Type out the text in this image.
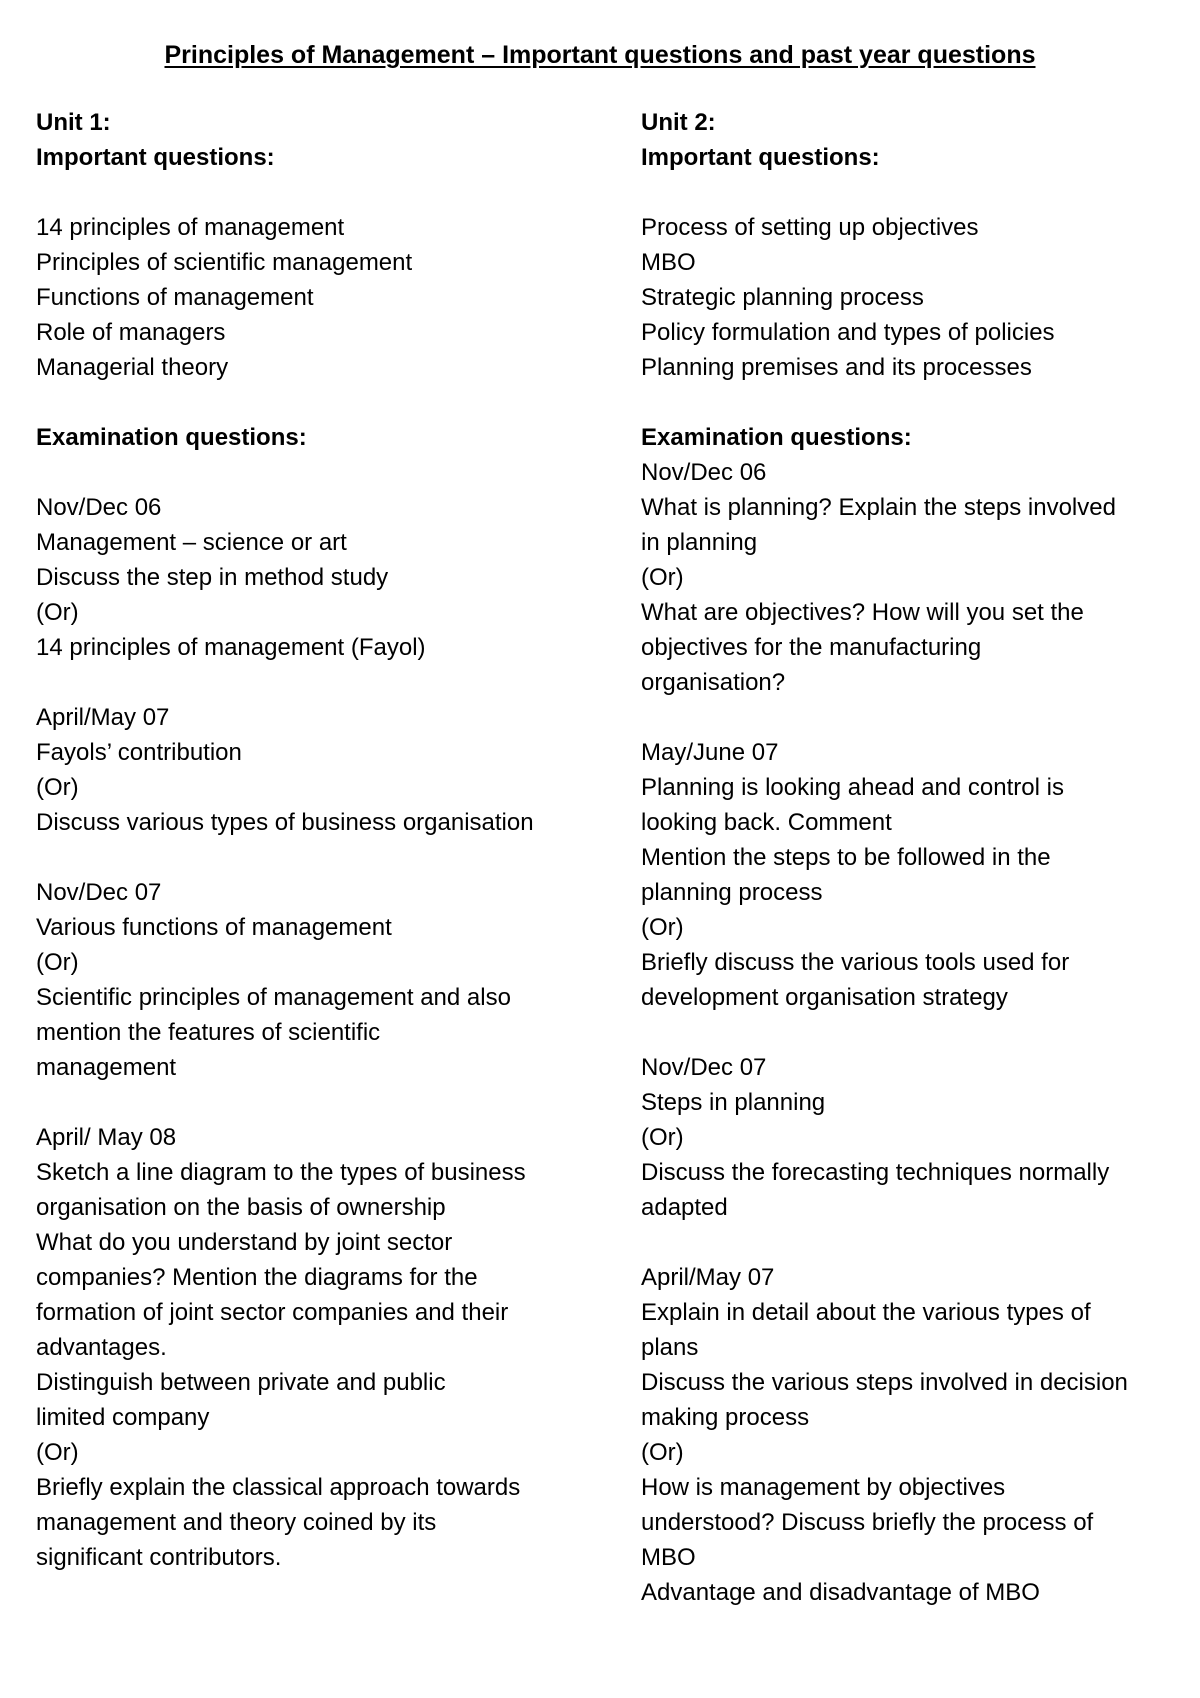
Principles of Management – Important questions and past year questions
Unit 1:
Important questions:
14 principles of management
Principles of scientific management
Functions of management
Role of managers
Managerial theory
Examination questions:
Nov/Dec 06
Management – science or art
Discuss the step in method study
(Or)
14 principles of management (Fayol)
April/May 07
Fayols’ contribution
(Or)
Discuss various types of business organisation
Nov/Dec 07
Various functions of management
(Or)
Scientific principles of management and also
mention the features of scientific
management
April/ May 08
Sketch a line diagram to the types of business
organisation on the basis of ownership
What do you understand by joint sector
companies? Mention the diagrams for the
formation of joint sector companies and their
advantages.
Distinguish between private and public
limited company
(Or)
Briefly explain the classical approach towards
management and theory coined by its
significant contributors.
Unit 2:
Important questions:
Process of setting up objectives
MBO
Strategic planning process
Policy formulation and types of policies
Planning premises and its processes
Examination questions:
Nov/Dec 06
What is planning? Explain the steps involved
in planning
(Or)
What are objectives? How will you set the
objectives for the manufacturing
organisation?
May/June 07
Planning is looking ahead and control is
looking back. Comment
Mention the steps to be followed in the
planning process
(Or)
Briefly discuss the various tools used for
development organisation strategy
Nov/Dec 07
Steps in planning
(Or)
Discuss the forecasting techniques normally
adapted
April/May 07
Explain in detail about the various types of
plans
Discuss the various steps involved in decision
making process
(Or)
How is management by objectives
understood? Discuss briefly the process of
MBO
Advantage and disadvantage of MBO
